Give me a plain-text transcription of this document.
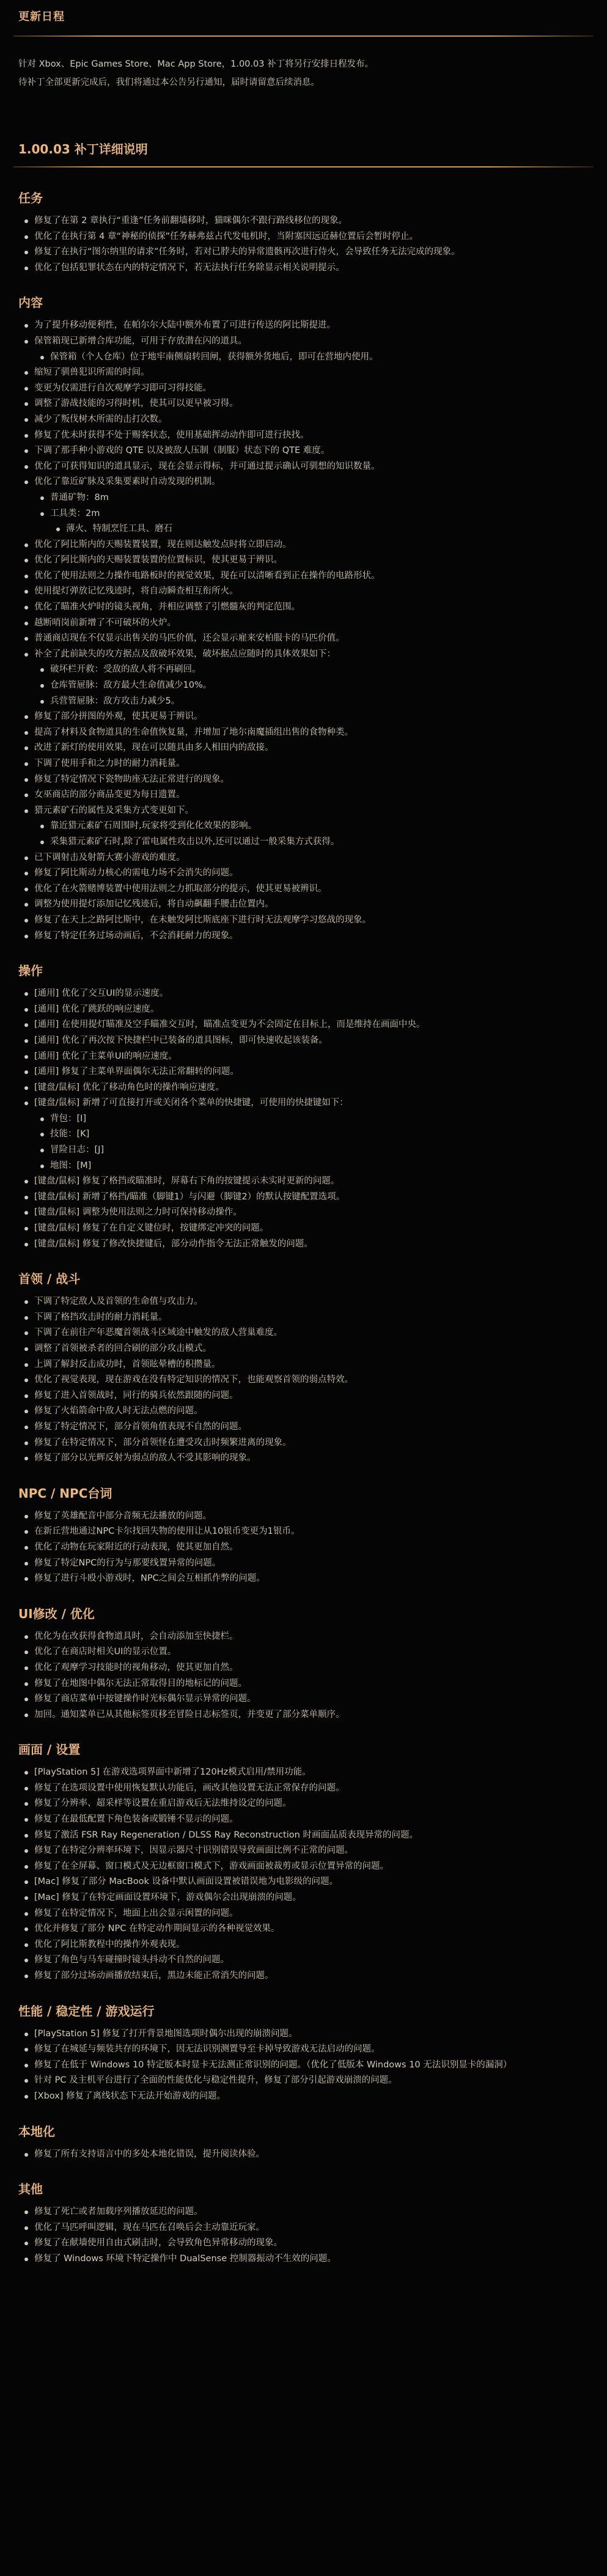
更新日程
针对 Xbox、Epic Games Store、Mac App Store，1.00.03 补丁将另行安排日程发布。
待补丁全部更新完成后，我们将通过本公告另行通知，届时请留意后续消息。
1.00.03 补丁详细说明
任务
修复了在第 2 章执行“重逢”任务前翻墙移时，猫咪偶尔不跟行路线移位的现象。
优化了在执行第 4 章“神秘的侦探”任务赫弗兹占代发电机时，当附塞因远近赫位置后会暂时停止。
修复了在执行“图尔纳里的请求”任务时，若对已脖夫的异常遗骸再次进行侍火，会导致任务无法完成的现象。
优化了包括犯罪状态在内的特定情况下，若无法执行任务除显示相关说明提示。
内容
为了提升移动便利性，在帕尔尔大陆中额外布置了可进行传送的阿比斯提进。
保管箱现已新增合库功能，可用于存放潜在闪的道具。
保管箱（个人仓库）位于地牢南侧扇转回闸，获得额外货地后，即可在营地内使用。
缩短了驯兽犯识所需的时间。
变更为仅需进行自次观摩学习即可习得技能。
调整了游战技能的习得时机，使其可以更早被习得。
减少了叛伐树木所需的击打次数。
修复了优未时获得不处于赐客状态，使用基础挥动动作即可进行抉找。
下调了那手种小游戏的 QTE 以及被敌人压制（制服）状态下的 QTE 难度。
优化了可获得知识的道具显示，现在会显示得标，并可通过提示确认可驯想的知识数量。
优化了靠近矿脉及采集要素时自动发现的机制。
普通矿物：8m
工具类：2m
薄火、特制烹饪工具、磨石
优化了阿比斯内的天赐装置装置，现在则达触发点时将立即启动。
优化了阿比斯内的天赐装置装置的位置标识，使其更易于辨识。
优化了使用法则之力操作电路板时的视觉效果，现在可以清晰看到正在操作的电路形状。
使用提灯弹放记忆残迹时，将自动瞬查相互衔所火。
优化了瞄准火炉时的镜头视角，并相应调整了引燃髓灰的判定范围。
越断哨岗前新增了不可破坏的火炉。
普通商店现在不仅显示出售关的马匹价值，还会显示雇来安柏服卡的马匹价值。
补全了此前缺失的攻方据点及敌破坏效果，破坏据点应随时的具体效果如下：
破坏栏开救：受敌的敌人将不再刷回。
仓库管屉脉：敌方最大生命值减少10%。
兵营管屉脉：敌方攻击力减少5。
修复了部分拼图的外观，使其更易于辨识。
提高了材料及食物道具的生命值恢复量，并增加了地尔南魔插组出售的食物种类。
改进了新灯的使用效果，现在可以随具由多人相田内的敌接。
下调了使用手和之力时的耐力消耗量。
修复了特定情况下瓷物助座无法正常进行的现象。
女巫商店的部分商品变更为每日遗置。
猎元素矿石的属性及采集方式变更如下。
靠近猎元素矿石周围时,玩家将受到化化效果的影响。
采集猎元素矿石时,除了雷电属性攻击以外,还可以通过一般采集方式获得。
已下调射击及射箭大赛小游戏的难度。
修复了阿比斯动力核心的需电力场不会消失的问题。
优化了在火箭赌博装置中使用法则之力抓取部分的提示，使其更易被辨识。
调整为使用提灯添加记忆残迹后，将自动飙翻手腰击位置内。
修复了在天上之路阿比斯中，在未触发阿比斯底座下进行时无法观摩学习悠战的现象。
修复了特定任务过场动画后，不会消耗耐力的现象。
操作
[通用] 优化了交互UI的显示速度。
[通用] 优化了跳跃的响应速度。
[通用] 在使用提灯瞄准及空手瞄准交互时，瞄准点变更为不会固定在目标上，而是维持在画面中央。
[通用] 优化了再次按下快捷栏中已装备的道具图标，即可快速收起该装备。
[通用] 优化了主菜单UI的响应速度。
[通用] 修复了主菜单界面偶尔无法正常翻转的问题。
[键盘/鼠标] 优化了移动角色时的操作响应速度。
[键盘/鼠标] 新增了可直接打开或关闭各个菜单的快捷键，可使用的快捷键如下：
背包：[I]
技能：[K]
冒险日志：[J]
地图：[M]
[键盘/鼠标] 修复了格挡或瞄准时，屏幕右下角的按键提示未实时更新的问题。
[键盘/鼠标] 新增了格挡/瞄准（脚键1）与闪避（脚键2）的默认按键配置选项。
[键盘/鼠标] 调整为使用法则之力时可保持移动操作。
[键盘/鼠标] 修复了在自定义键位时，按键绑定冲突的问题。
[键盘/鼠标] 修复了修改快捷键后，部分动作指令无法正常触发的问题。
首领 / 战斗
下调了特定敌人及首领的生命值与攻击力。
下调了格挡攻击时的耐力消耗量。
下调了在前往产年恶魔首领战斗区域途中触发的敌人营巢难度。
调整了首领被杀者的回合刷的部分攻击模式。
上调了解封反击成功时，首领眩晕槽的积攒量。
优化了视觉表现，现在游戏在没有特定知识的情况下，也能观察首领的弱点特效。
修复了进入首领战时，同行的骑兵依然跟随的问题。
修复了火焰箭命中敌人时无法点燃的问题。
修复了特定情况下，部分首领角值表现不自然的问题。
修复了在特定情况下，部分首领怪在遭受攻击时频繁进离的现象。
修复了部分以光辉反射为弱点的敌人不受其影响的现象。
NPC / NPC台词
修复了英雄配音中部分音频无法播放的问题。
在新丘营地通过NPC卡尔找回失物的使用让从10银币变更为1银币。
优化了动物在玩家附近的行动表现，使其更加自然。
修复了特定NPC的行为与那要线置异常的问题。
修复了进行斗殴小游戏时，NPC之间会互相抓作弊的问题。
UI修改 / 优化
优化为在改获得食物道具时，会自动添加至快捷栏。
优化了在商店时相关UI的显示位置。
优化了观摩学习技能时的视角移动，使其更加自然。
修复了在地图中偶尔无法正常取得目的地标记的问题。
修复了商店菜单中按键操作时光标偶尔显示异常的问题。
加回。通知菜单已从其他标签页移至冒险日志标签页，并变更了部分菜单顺序。
画面 / 设置
[PlayStation 5] 在游戏选项界面中新增了120Hz模式启用/禁用功能。
修复了在选项设置中使用恢复默认功能后，画改其他设置无法正常保存的问题。
修复了分辨率、超采样等设置在重启游戏后无法维持设定的问题。
修复了在最低配置下角色装备或锻锤不显示的问题。
修复了激活 FSR Ray Regeneration / DLSS Ray Reconstruction 时画面品质表现异常的问题。
修复了在特定分辨率环境下，因显示器尺寸识别错误导致画面比例不正常的问题。
修复了在全屏幕、窗口模式及无边框窗口模式下，游戏画面被裁剪或显示位置异常的问题。
[Mac] 修复了部分 MacBook 设备中默认画面设置被错误地为电影级的问题。
[Mac] 修复了在特定画面设置环境下，游戏偶尔会出现崩溃的问题。
修复了在特定情况下，地面上出会显示闲置的问题。
优化并修复了部分 NPC 在特定动作期间显示的各种视觉效果。
优化了阿比斯教程中的操作外观表现。
修复了角色与马车碰撞时镜头抖动不自然的问题。
修复了部分过场动画播放结束后，黑边未能正常消失的问题。
性能 / 稳定性 / 游戏运行
[PlayStation 5] 修复了打开背景地图选项时偶尔出现的崩溃问题。
修复了在城延与频装共存的环境下，因无法识别测置导至卡掉导致游戏无法启动的问题。
修复了在低于 Windows 10 特定版本时显卡无法测正常识别的问题。（优化了低版本 Windows 10 无法识别显卡的漏洞）
针对 PC 及主机平台进行了全面的性能优化与稳定性提升，修复了部分引起游戏崩溃的问题。
[Xbox] 修复了离线状态下无法开始游戏的问题。
本地化
修复了所有支持语言中的多处本地化错误，提升阅读体验。
其他
修复了死亡或者加载序列播放延迟的问题。
优化了马匹呼叫逻辑，现在马匹在召唤后会主动靠近玩家。
修复了在献墙使用自由式刷击时，会导致角色异常移动的现象。
修复了 Windows 环境下特定操作中 DualSense 控制器振动不生效的问题。
